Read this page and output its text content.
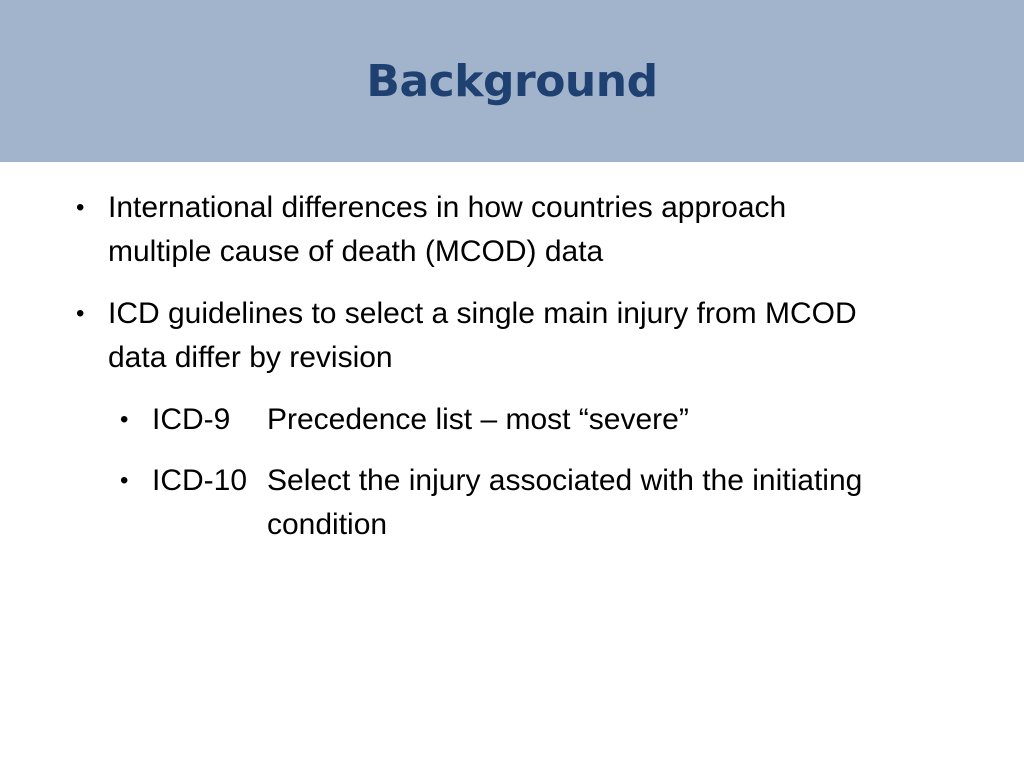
Background
• International differences in how countries approach
multiple cause of death (MCOD) data
• ICD guidelines to select a single main injury from MCOD
data differ by revision
• ICD-9 Precedence list – most “severe”
• ICD-10 Select the injury associated with the initiating
condition
